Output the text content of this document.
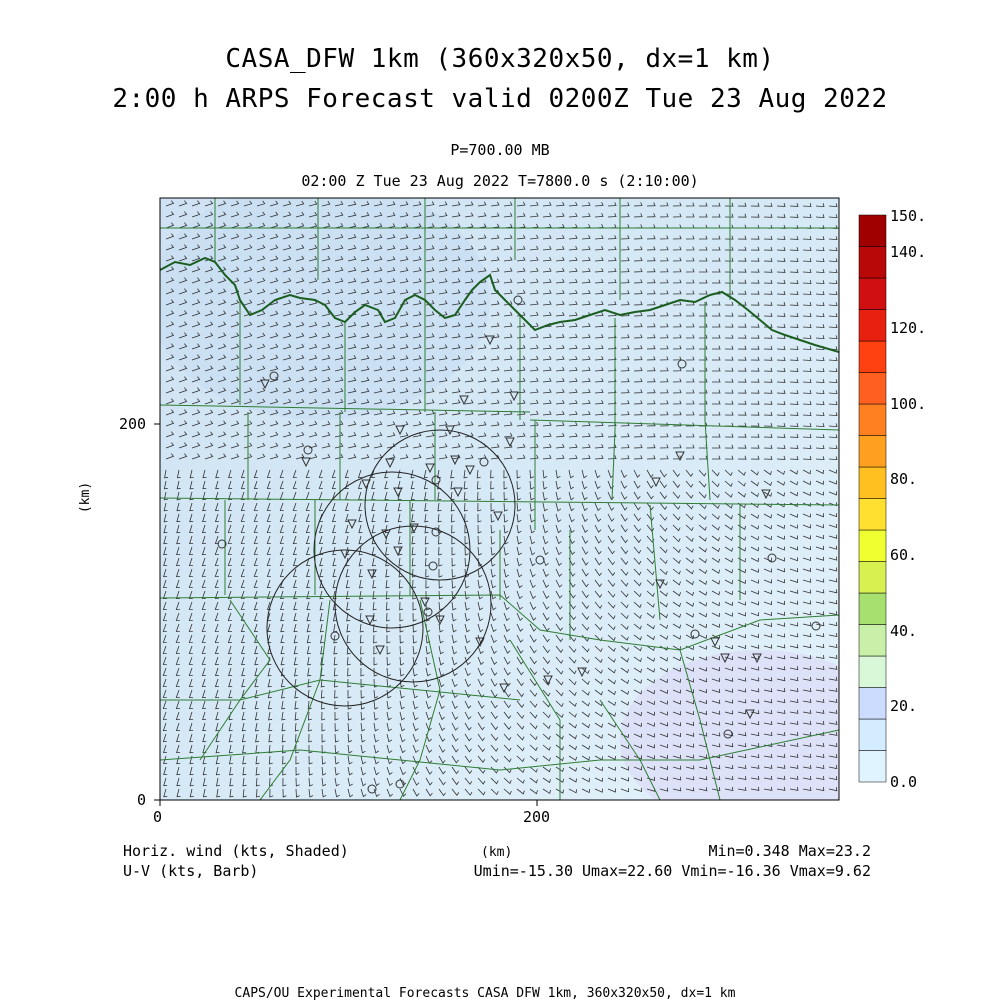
CASA_DFW 1km (360x320x50, dx=1 km)
2:00 h ARPS Forecast valid 0200Z Tue 23 Aug 2022
P=700.00 MB
02:00 Z Tue 23 Aug 2022 T=7800.0 s (2:10:00)
0	200
0
200
(km)
(km)
150.
140.
120.
100.
80.
60.
40.
20.
0.0
Horiz. wind (kts, Shaded)
U-V (kts, Barb)
Min=0.348 Max=23.2
Umin=-15.30 Umax=22.60 Vmin=-16.36 Vmax=9.62
CAPS/OU Experimental Forecasts CASA DFW 1km, 360x320x50, dx=1 km
